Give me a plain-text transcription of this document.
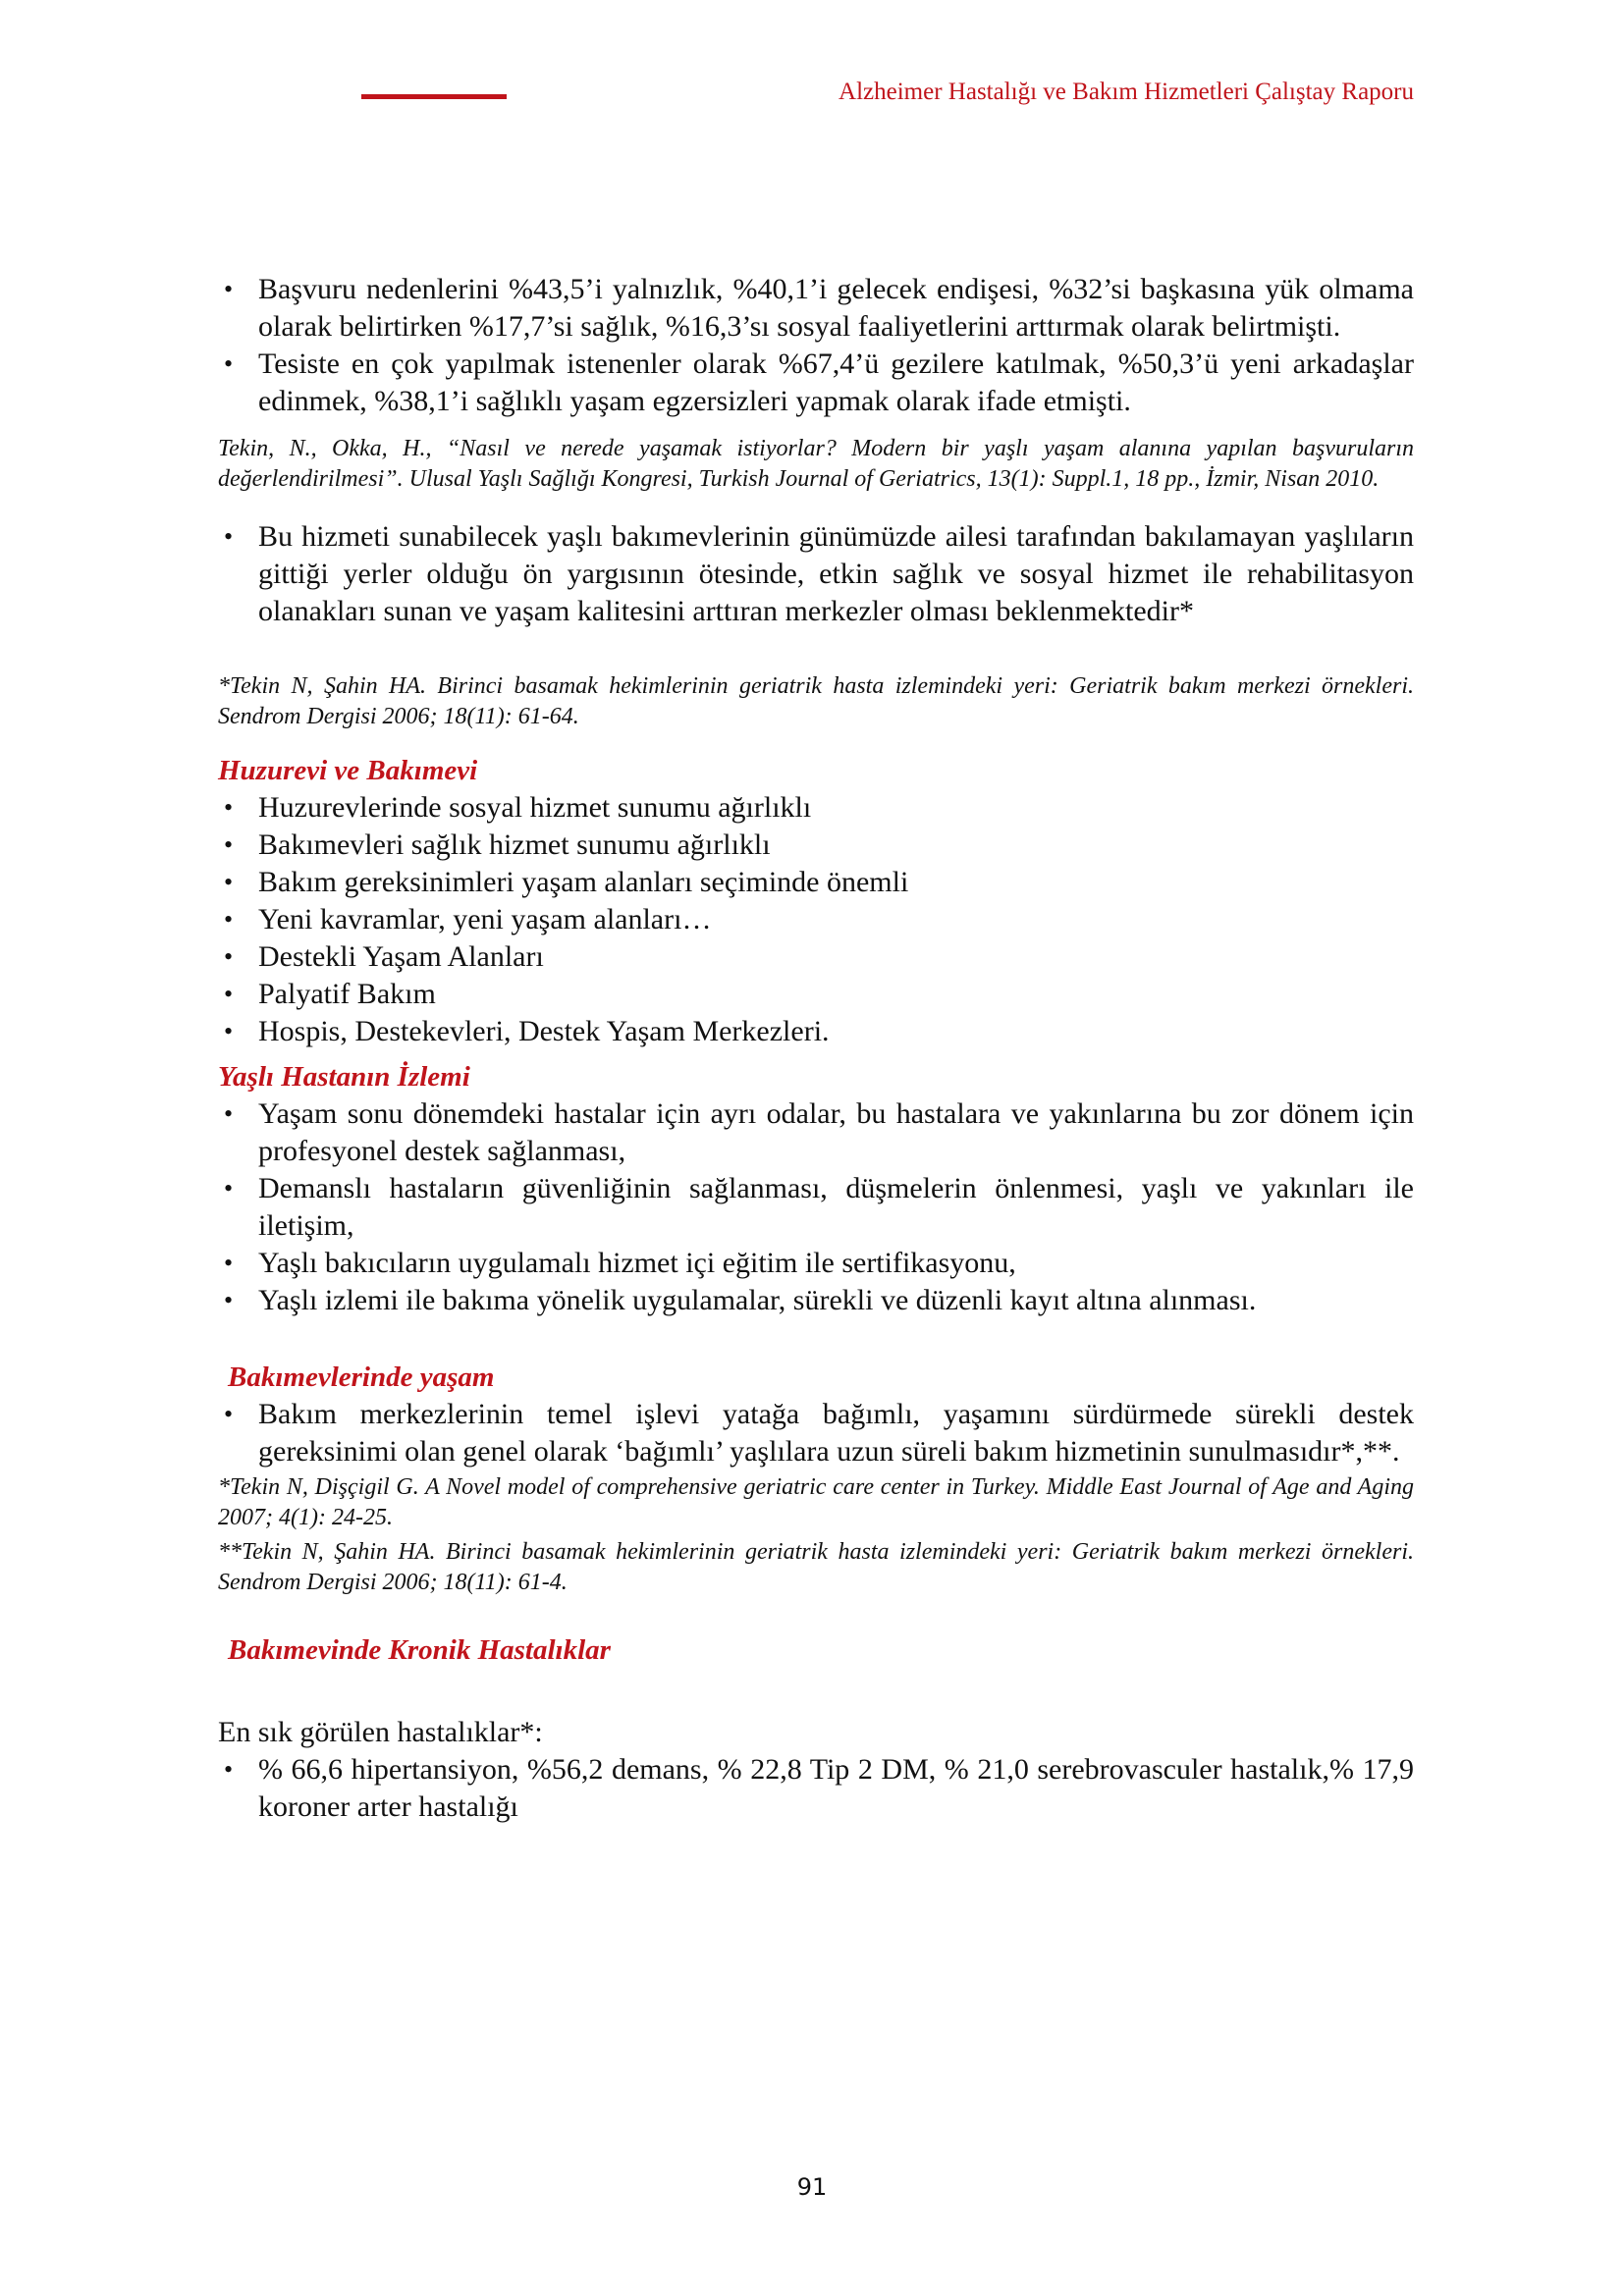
Alzheimer Hastalığı ve Bakım Hizmetleri Çalıştay Raporu
• Başvuru nedenlerini %43,5’i yalnızlık, %40,1’i gelecek endişesi, %32’si başkasına yük olmama olarak belirtirken %17,7’si sağlık, %16,3’sı sosyal faaliyetlerini arttırmak olarak belirtmişti.
• Tesiste en çok yapılmak istenenler olarak %67,4’ü gezilere katılmak, %50,3’ü yeni arkadaşlar edinmek, %38,1’i sağlıklı yaşam egzersizleri yapmak olarak ifade etmişti.

Tekin, N., Okka, H., “Nasıl ve nerede yaşamak istiyorlar? Modern bir yaşlı yaşam alanına yapılan başvuruların değerlendirilmesi”. Ulusal Yaşlı Sağlığı Kongresi, Turkish Journal of Geriatrics, 13(1): Suppl.1, 18 pp., İzmir, Nisan 2010.

• Bu hizmeti sunabilecek yaşlı bakımevlerinin günümüzde ailesi tarafından bakılamayan yaşlıların gittiği yerler olduğu ön yargısının ötesinde, etkin sağlık ve sosyal hizmet ile rehabilitasyon olanakları sunan ve yaşam kalitesini arttıran merkezler olması beklenmektedir*

*Tekin N, Şahin HA. Birinci basamak hekimlerinin geriatrik hasta izlemindeki yeri: Geriatrik bakım merkezi örnekleri. Sendrom Dergisi 2006; 18(11): 61-64.

Huzurevi ve Bakımevi
• Huzurevlerinde sosyal hizmet sunumu ağırlıklı
• Bakımevleri sağlık hizmet sunumu ağırlıklı
• Bakım gereksinimleri yaşam alanları seçiminde önemli
• Yeni kavramlar, yeni yaşam alanları…
• Destekli Yaşam Alanları
• Palyatif Bakım
• Hospis, Destekevleri, Destek Yaşam Merkezleri.
Yaşlı Hastanın İzlemi
• Yaşam sonu dönemdeki hastalar için ayrı odalar, bu hastalara ve yakınlarına bu zor dönem için profesyonel destek sağlanması,
• Demanslı hastaların güvenliğinin sağlanması, düşmelerin önlenmesi, yaşlı ve yakınları ile iletişim,
• Yaşlı bakıcıların uygulamalı hizmet içi eğitim ile sertifikasyonu,
• Yaşlı izlemi ile bakıma yönelik uygulamalar, sürekli ve düzenli kayıt altına alınması.
Bakımevlerinde yaşam
• Bakım merkezlerinin temel işlevi yatağa bağımlı, yaşamını sürdürmede sürekli destek gereksinimi olan genel olarak ‘bağımlı’ yaşlılara uzun süreli bakım hizmetinin sunulmasıdır*,**.

*Tekin N, Dişçigil G. A Novel model of comprehensive geriatric care center in Turkey. Middle East Journal of Age and Aging 2007; 4(1): 24-25.

**Tekin N, Şahin HA. Birinci basamak hekimlerinin geriatrik hasta izlemindeki yeri: Geriatrik bakım merkezi örnekleri. Sendrom Dergisi 2006; 18(11): 61-4.

Bakımevinde Kronik Hastalıklar
En sık görülen hastalıklar*:
• % 66,6 hipertansiyon, %56,2 demans, % 22,8 Tip 2 DM, % 21,0 serebrovasculer hastalık,% 17,9 koroner arter hastalığı
91
